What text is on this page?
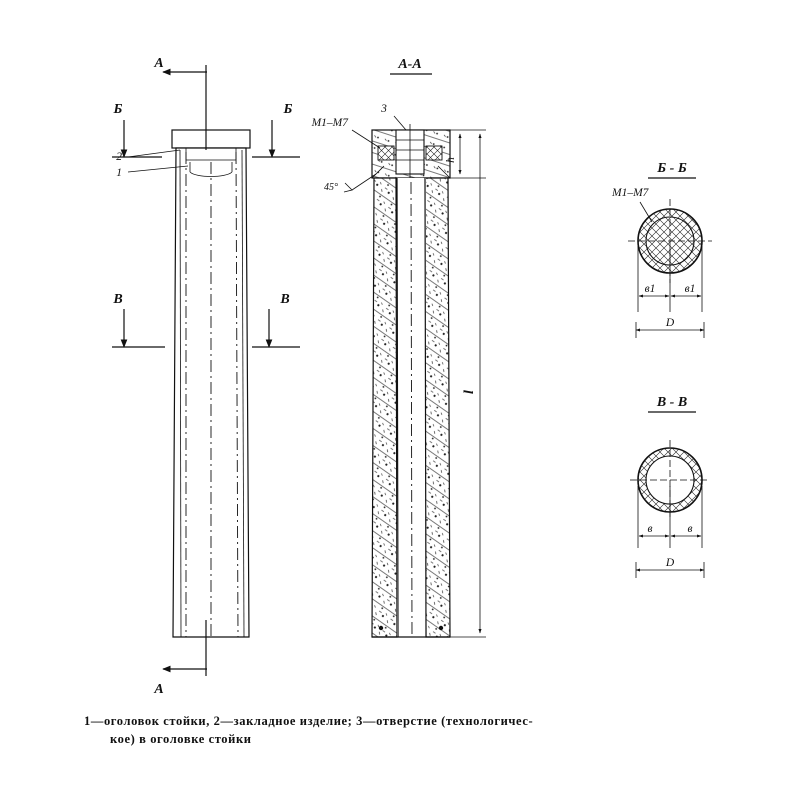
А
А
Б	Б
В	В
2
1
А-А
3
М1–М7
45°
h
l
Б - Б
М1–М7
в1	в1
D
В - В
в	в
D
1—оголовок стойки, 2—закладное изделие; 3—отверстие (технологичес-
кое) в оголовке стойки
